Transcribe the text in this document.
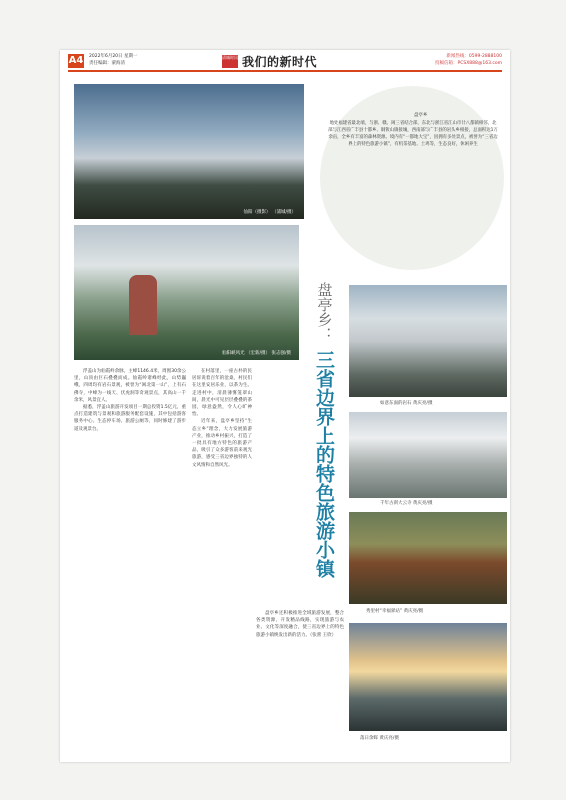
A4 2022年6月20日 星期一
责任编辑：蒙海清
清城时讯 我们的新时代	新闻热线：0599-2888100
投稿信箱：PCSX888@163.com
仙阳（摄影） （浦城/摄）
盘亭乡
地处福建省最北端，与浙、赣、闽三省结合部，东北与浙江省江山市廿八都镇相邻，北部与江西省广丰县十都乡、铜钹山镇接壤，西南部与广丰县的岩头乡相接，总面积达1万余亩，全乡有丰富的森林资源。境内有“一都地大宝”，因拥有多处景点，被誉为“三省边界上的特色旅游小镇”，有机茶基地、土鸡等，生态良好，休闲养生
仙阳峡风光 （宏新/摄） 张志强/摄
盘亭乡：
三省边界上的特色旅游小镇	如意东面的岩石 黄庆亮/摄
千年古刹大云寺 黄庆亮/摄
秀里村“幸福驿站” 黄庆亮/摄
落日余晖 黄庆亮/摄

浮盖山为仙霞岭余脉，主峰1146.4米，周围30余公里，山顶由巨石叠叠而成。仙霞岭诸峰经此，山势巍峨，四周均有岩石景观，被誉为“闽北第一山”，上有石佛寺，中峰为一线天、伏虎洞等奇观景点，其高山一千余米，风景宜人。

据悉，浮盖山旅游开发项目一期总投资1.5亿元，重点打造建筑与景观和旅游服务配套设施，其中包括游客服务中心、生态停车场、旅游公厕等，同时修建了游步道及观景台。

在村落里，一座古朴的民居诉说着百年的沧桑，村民们在这里安居乐业，以茶为生。走进村中，清晨薄雾笼罩山间，晨光中可见层层叠叠的茶园，绿意盎然，令人心旷神怡。

近年来，盘亭乡坚持“生态立乡”理念，大力发展旅游产业，推动乡村振兴，打造了一批具有地方特色的旅游产品，吸引了众多游客前来观光旅游，感受三省边界独特的人文风情和自然风光。

盘亭乡还积极推进全域旅游发展，整合各类资源，开发精品线路，实现旅游与农业、文化等深度融合，使三省边界上的特色旅游小镇焕发出新的活力。（张蕾 王欣）
